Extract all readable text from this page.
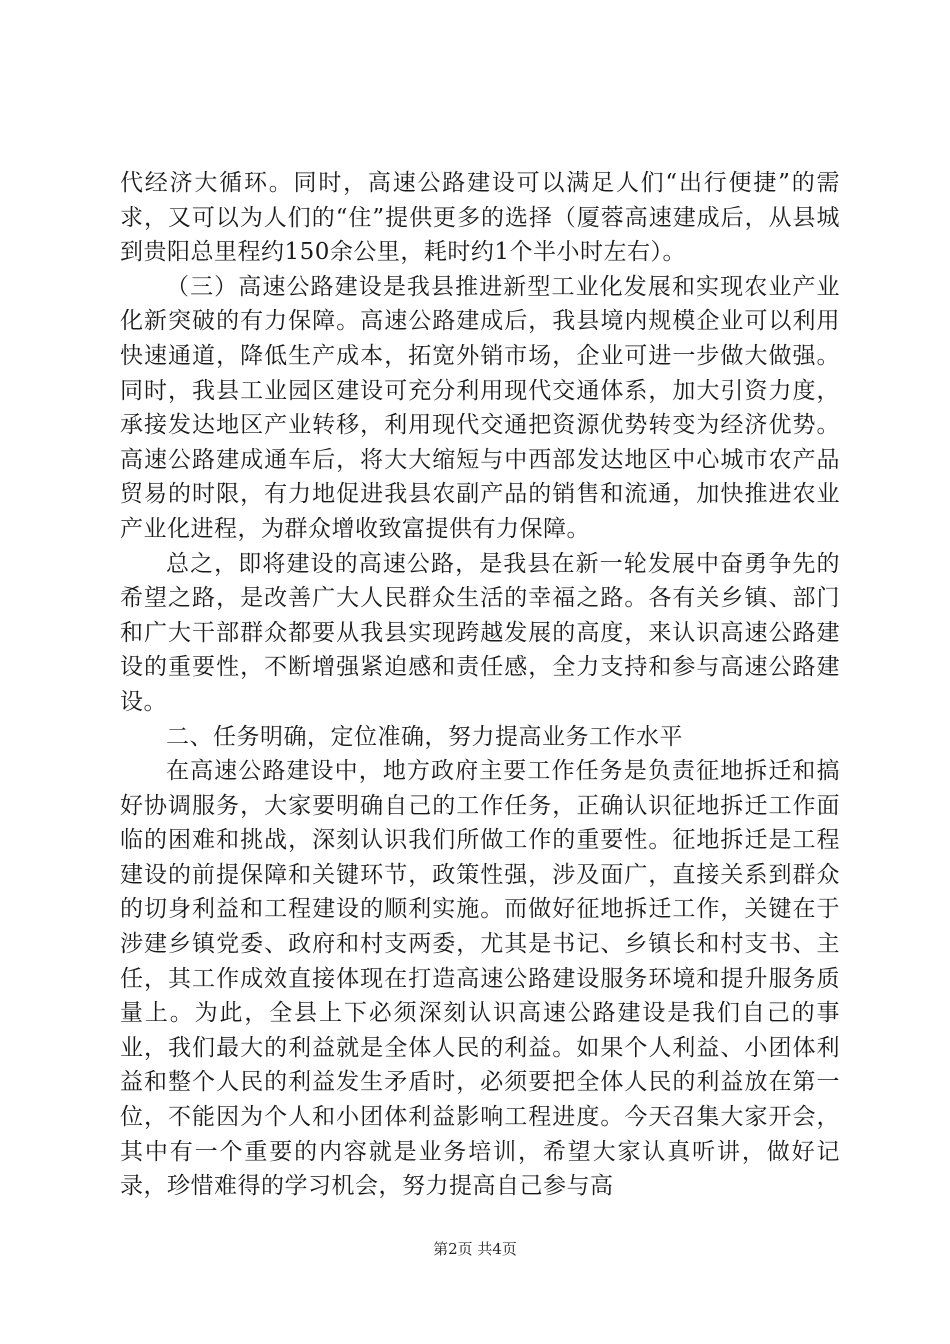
代经济大循环。同时，高速公路建设可以满足人们“出行便捷”的需求，又可以为人们的“住”提供更多的选择（厦蓉高速建成后，从县城到贵阳总里程约150余公里，耗时约1个半小时左右）。

（三）高速公路建设是我县推进新型工业化发展和实现农业产业化新突破的有力保障。高速公路建成后，我县境内规模企业可以利用快速通道，降低生产成本，拓宽外销市场，企业可进一步做大做强。同时，我县工业园区建设可充分利用现代交通体系，加大引资力度，承接发达地区产业转移，利用现代交通把资源优势转变为经济优势。高速公路建成通车后，将大大缩短与中西部发达地区中心城市农产品贸易的时限，有力地促进我县农副产品的销售和流通，加快推进农业产业化进程，为群众增收致富提供有力保障。

总之，即将建设的高速公路，是我县在新一轮发展中奋勇争先的希望之路，是改善广大人民群众生活的幸福之路。各有关乡镇、部门和广大干部群众都要从我县实现跨越发展的高度，来认识高速公路建设的重要性，不断增强紧迫感和责任感，全力支持和参与高速公路建设。

二、任务明确，定位准确，努力提高业务工作水平

在高速公路建设中，地方政府主要工作任务是负责征地拆迁和搞好协调服务，大家要明确自己的工作任务，正确认识征地拆迁工作面临的困难和挑战，深刻认识我们所做工作的重要性。征地拆迁是工程建设的前提保障和关键环节，政策性强，涉及面广，直接关系到群众的切身利益和工程建设的顺利实施。而做好征地拆迁工作，关键在于涉建乡镇党委、政府和村支两委，尤其是书记、乡镇长和村支书、主任，其工作成效直接体现在打造高速公路建设服务环境和提升服务质量上。为此，全县上下必须深刻认识高速公路建设是我们自己的事业，我们最大的利益就是全体人民的利益。如果个人利益、小团体利益和整个人民的利益发生矛盾时，必须要把全体人民的利益放在第一位，不能因为个人和小团体利益影响工程进度。今天召集大家开会，其中有一个重要的内容就是业务培训，希望大家认真听讲，做好记录，珍惜难得的学习机会，努力提高自己参与高

第2页 共4页
